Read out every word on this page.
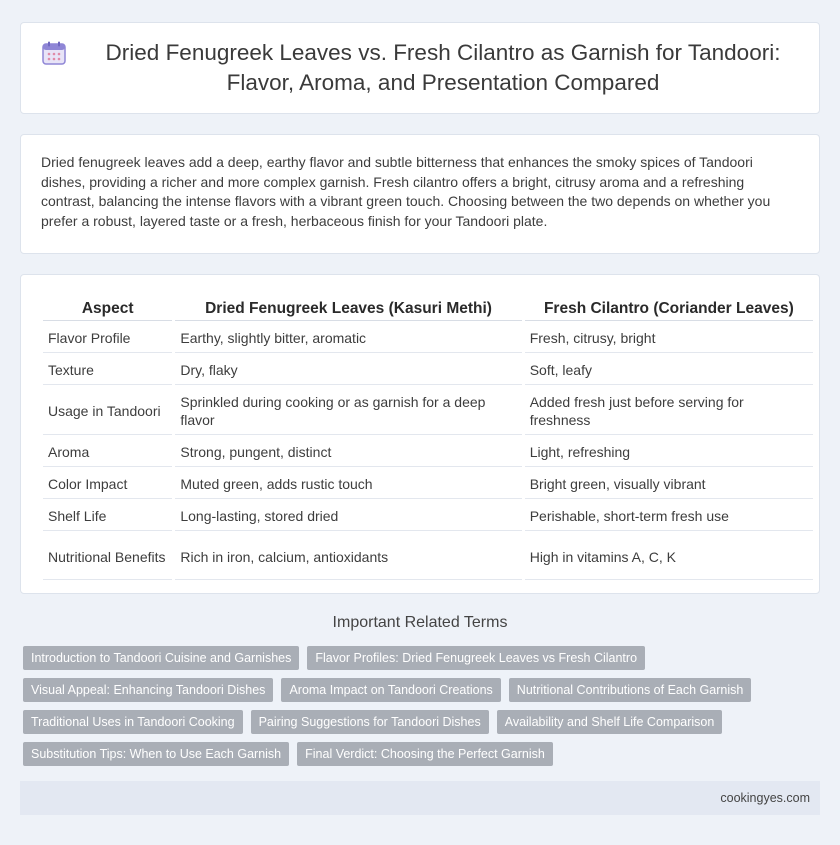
Dried Fenugreek Leaves vs. Fresh Cilantro as Garnish for Tandoori: Flavor, Aroma, and Presentation Compared

Dried fenugreek leaves add a deep, earthy flavor and subtle bitterness that enhances the smoky spices of Tandoori dishes, providing a richer and more complex garnish. Fresh cilantro offers a bright, citrusy aroma and a refreshing contrast, balancing the intense flavors with a vibrant green touch. Choosing between the two depends on whether you prefer a robust, layered taste or a fresh, herbaceous finish for your Tandoori plate.

Aspect	Dried Fenugreek Leaves (Kasuri Methi)	Fresh Cilantro (Coriander Leaves)
Flavor Profile	Earthy, slightly bitter, aromatic	Fresh, citrusy, bright
Texture	Dry, flaky	Soft, leafy
Usage in Tandoori	Sprinkled during cooking or as garnish for a deep flavor	Added fresh just before serving for freshness
Aroma	Strong, pungent, distinct	Light, refreshing
Color Impact	Muted green, adds rustic touch	Bright green, visually vibrant
Shelf Life	Long-lasting, stored dried	Perishable, short-term fresh use
Nutritional Benefits	Rich in iron, calcium, antioxidants	High in vitamins A, C, K
Important Related Terms
Introduction to Tandoori Cuisine and Garnishes	Flavor Profiles: Dried Fenugreek Leaves vs Fresh Cilantro
Visual Appeal: Enhancing Tandoori Dishes	Aroma Impact on Tandoori Creations	Nutritional Contributions of Each Garnish
Traditional Uses in Tandoori Cooking	Pairing Suggestions for Tandoori Dishes	Availability and Shelf Life Comparison
Substitution Tips: When to Use Each Garnish	Final Verdict: Choosing the Perfect Garnish
cookingyes.com
